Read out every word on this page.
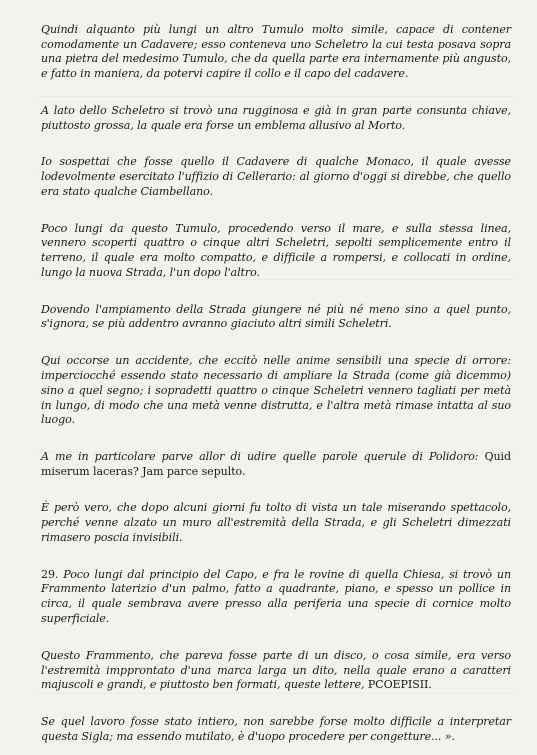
Quindi alquanto più lungi un altro Tumulo molto simile, capace di contener comodamente un Cadavere; esso conteneva uno Scheletro la cui testa posava sopra una pietra del medesimo Tumulo, che da quella parte era internamente più angusto, e fatto in maniera, da potervi capire il collo e il capo del cadavere.

A lato dello Scheletro si trovò una rugginosa e già in gran parte consunta chiave, piuttosto grossa, la quale era forse un emblema allusivo al Morto.

Io sospettai che fosse quello il Cadavere di qualche Monaco, il quale avesse lodevolmente esercitato l'uffizio di Cellerario: al giorno d'oggi si direbbe, che quello era stato qualche Ciambellano.

Poco lungi da questo Tumulo, procedendo verso il mare, e sulla stessa linea, vennero scoperti quattro o cinque altri Scheletri, sepolti semplicemente entro il terreno, il quale era molto compatto, e difficile a rompersi, e collocati in ordine, lungo la nuova Strada, l'un dopo l'altro.

Dovendo l'ampiamento della Strada giungere né più né meno sino a quel punto, s'ignora, se più addentro avranno giaciuto altri simili Scheletri.

Qui occorse un accidente, che eccitò nelle anime sensibili una specie di orrore: imperciocché essendo stato necessario di ampliare la Strada (come già dicemmo) sino a quel segno; i sopradetti quattro o cinque Scheletri vennero tagliati per metà in lungo, di modo che una metà venne distrutta, e l'altra metà rimase intatta al suo luogo.

A me in particolare parve allor di udire quelle parole querule di Polidoro: Quid miserum laceras? Jam parce sepulto.

È però vero, che dopo alcuni giorni fu tolto di vista un tale miserando spettacolo, perché venne alzato un muro all'estremità della Strada, e gli Scheletri dimezzati rimasero poscia invisibili.

29. Poco lungi dal principio del Capo, e fra le rovine di quella Chiesa, si trovò un Frammento laterizio d'un palmo, fatto a quadrante, piano, e spesso un pollice in circa, il quale sembrava avere presso alla periferia una specie di cornice molto superficiale.

Questo Frammento, che pareva fosse parte di un disco, o cosa simile, era verso l'estremità impprontato d'una marca larga un dito, nella quale erano a caratteri majuscoli e grandi, e piuttosto ben formati, queste lettere, PCOEPISII.

Se quel lavoro fosse stato intiero, non sarebbe forse molto difficile a interpretar questa Sigla; ma essendo mutilato, è d'uopo procedere per congetture... ».
